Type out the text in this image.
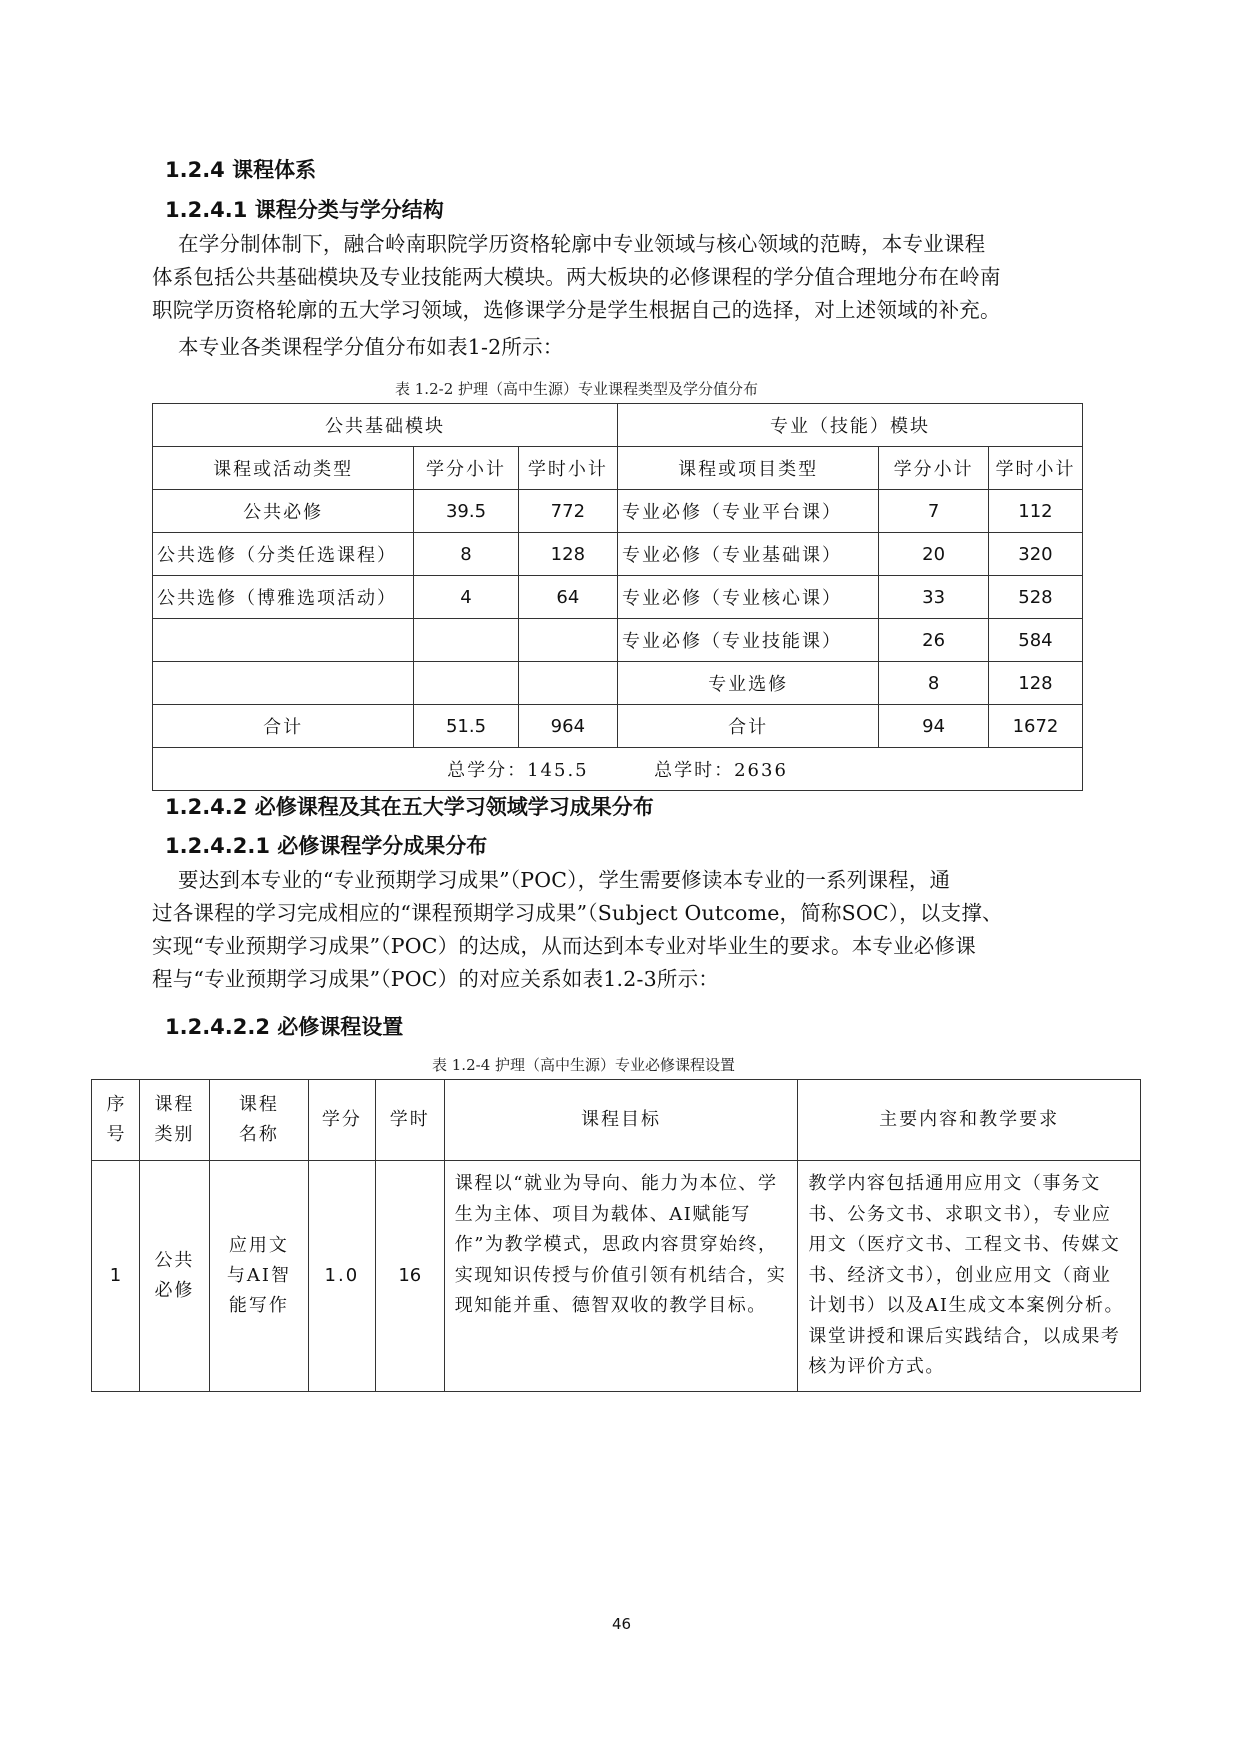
1.2.4 课程体系
1.2.4.1 课程分类与学分结构
在学分制体制下，融合岭南职院学历资格轮廓中专业领域与核心领域的范畴，本专业课程
体系包括公共基础模块及专业技能两大模块。两大板块的必修课程的学分值合理地分布在岭南
职院学历资格轮廓的五大学习领域，选修课学分是学生根据自己的选择，对上述领域的补充。
本专业各类课程学分值分布如表1-2所示：
表 1.2-2 护理（高中生源）专业课程类型及学分值分布
公共基础模块			专业（技能）模块		
课程或活动类型	学分小计	学时小计	课程或项目类型	学分小计	学时小计
公共必修	39.5	772	专业必修（专业平台课）	7	112
公共选修（分类任选课程）	8	128	专业必修（专业基础课）	20	320
公共选修（博雅选项活动）	4	64	专业必修（专业核心课）	33	528
			专业必修（专业技能课）	26	584
			专业选修	8	128
合计	51.5	964	合计	94	1672
总学分：145.5 总学时：2636					
1.2.4.2 必修课程及其在五大学习领域学习成果分布
1.2.4.2.1 必修课程学分成果分布
要达到本专业的“专业预期学习成果”（POC），学生需要修读本专业的一系列课程，通
过各课程的学习完成相应的“课程预期学习成果”（Subject Outcome，简称SOC），以支撑、
实现“专业预期学习成果”（POC）的达成，从而达到本专业对毕业生的要求。本专业必修课
程与“专业预期学习成果”（POC）的对应关系如表1.2-3所示：
1.2.4.2.2 必修课程设置
表 1.2-4 护理（高中生源）专业必修课程设置
序号	课程类别	课程名称	学分	学时	课程目标	主要内容和教学要求
1	公共必修	应用文与AI智能写作	1.0	16	课程以“就业为导向、能力为本位、学生为主体、项目为载体、AI赋能写作”为教学模式，思政内容贯穿始终，实现知识传授与价值引领有机结合，实现知能并重、德智双收的教学目标。	教学内容包括通用应用文（事务文书、公务文书、求职文书），专业应用文（医疗文书、工程文书、传媒文书、经济文书），创业应用文（商业计划书）以及AI生成文本案例分析。课堂讲授和课后实践结合，以成果考核为评价方式。
46
